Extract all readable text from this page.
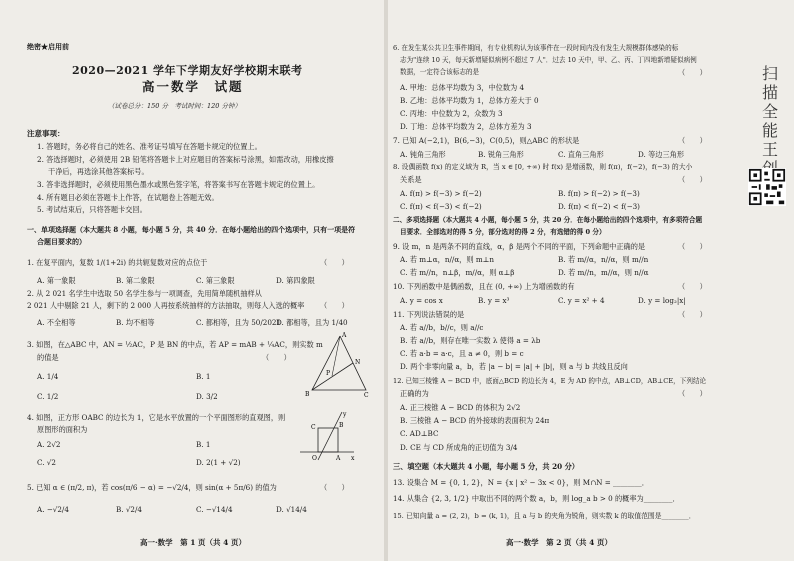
绝密★启用前
2020—2021 学年下学期友好学校期末联考
高一数学　试题
（试卷总分：150 分　考试时间：120 分钟）
注意事项：
1. 答题时，务必将自己的姓名、准考证号填写在答题卡规定的位置上。
2. 答选择题时，必须使用 2B 铅笔将答题卡上对应题目的答案标号涂黑，如需改动，用橡皮擦
干净后，再选涂其他答案标号。
3. 答非选择题时，必须使用黑色墨水或黑色签字笔，将答案书写在答题卡规定的位置上。
4. 所有题目必须在答题卡上作答，在试题卷上答题无效。
5. 考试结束后，只将答题卡交回。
一、单项选择题（本大题共 8 小题，每小题 5 分，共 40 分．在每小题给出的四个选项中，只有一项是符
合题目要求的）
1. 在复平面内，复数 1/(1+2i) 的共轭复数对应的点位于	（　　）
A. 第一象限	B. 第二象限	C. 第三象限	D. 第四象限
2. 从 2 021 名学生中选取 50 名学生参与一项调查，先用简单随机抽样从
2 021 人中剔除 21 人，剩下的 2 000 人再按系统抽样的方法抽取，则每人入选的概率 （　　）
A. 不全相等	B. 均不相等	C. 都相等，且为 50/2021
D. 都相等，且为 1/40
3. 如图，在△ABC 中，AN = ½AC，P 是 BN 的中点，若 AP = mAB + ¼AC，则实数 m
的值是	（　　）
A. 1/4	B. 1
C. 1/2	D. 3/2
A
N
P
B	C
4. 如图，正方形 OABC 的边长为 1，它是水平放置的一个平面图形的直观图，则
原图形的面积为
A. 2√2	B. 1
C. √2	D. 2(1 + √2)
y
x
O	A
B
C
5. 已知 α ∈ (π/2, π)，若 cos(π/6 − α) = −√2/4，则 sin(α + 5π/6) 的值为	（　　）
A. −√2/4	B. √2/4	C. −√14/4	D. √14/4
高一·数学　第 1 页（共 4 页）
6. 在发生某公共卫生事件期间，有专业机构认为该事件在一段时间内没有发生大规模群体感染的标
志为"连续 10 天，每天新增疑似病例不超过 7 人"．过去 10 天中，甲、乙、丙、丁四地新增疑似病例
数据，一定符合该标志的是	（　　）
A. 甲地：总体平均数为 3，中位数为 4
B. 乙地：总体平均数为 1，总体方差大于 0
C. 丙地：中位数为 2，众数为 3
D. 丁地：总体平均数为 2，总体方差为 3
7. 已知 A(−2,1)，B(6,−3)，C(0,5)，则△ABC 的形状是	（　　）
A. 钝角三角形	B. 锐角三角形	C. 直角三角形	D. 等边三角形
8. 设偶函数 f(x) 的定义域为 R，当 x ∈ [0, +∞) 时 f(x) 是增函数，则 f(π)，f(−2)，f(−3) 的大小
关系是	（　　）
A. f(π) > f(−3) > f(−2)	B. f(π) > f(−2) > f(−3)
C. f(π) < f(−3) < f(−2)	D. f(π) < f(−2) < f(−3)
二、多项选择题（本大题共 4 小题，每小题 5 分，共 20 分．在每小题给出的四个选项中，有多项符合题
目要求．全部选对的得 5 分，部分选对的得 2 分，有选错的得 0 分）
9. 设 m，n 是两条不同的直线，α，β 是两个不同的平面，下列命题中正确的是	（　　）
A. 若 m⊥α，n//α，则 m⊥n	B. 若 m//α，n//α，则 m//n
C. 若 m//n，n⊥β，m//α，则 α⊥β	D. 若 m//n，m//α，则 n//α
10. 下列函数中是偶函数，且在 (0, +∞) 上为增函数的有	（　　）
A. y = cos x	B. y = x³	C. y = x² + 4	D. y = log₂|x|
11. 下列说法错误的是	（　　）
A. 若 a//b，b//c，则 a//c
B. 若 a//b，则存在唯一实数 λ 使得 a = λb
C. 若 a·b = a·c，且 a ≠ 0，则 b = c
D. 两个非零向量 a，b，若 |a − b| = |a| + |b|，则 a 与 b 共线且反向
12. 已知三棱锥 A − BCD 中，底面△BCD 的边长为 4，E 为 AD 的中点，AB⊥CD，AB⊥CE，下列结论
正确的为	（　　）
A. 正三棱锥 A − BCD 的体积为 2√2
B. 三棱锥 A − BCD 的外接球的表面积为 24π
C. AD⊥BC
D. CE 与 CD 所成角的正切值为 3/4
三、填空题（本大题共 4 小题，每小题 5 分，共 20 分）
13. 设集合 M = {0, 1, 2}，N = {x | x² − 3x < 0}，则 M∩N = ________．
14. 从集合 {2, 3, 1/2} 中取出不同的两个数 a，b，则 log_a b > 0 的概率为________．
15. 已知向量 a = (2, 2)，b = (k, 1)，且 a 与 b 的夹角为锐角，则实数 k 的取值范围是________．
高一·数学　第 2 页（共 4 页）
扫描全能王
